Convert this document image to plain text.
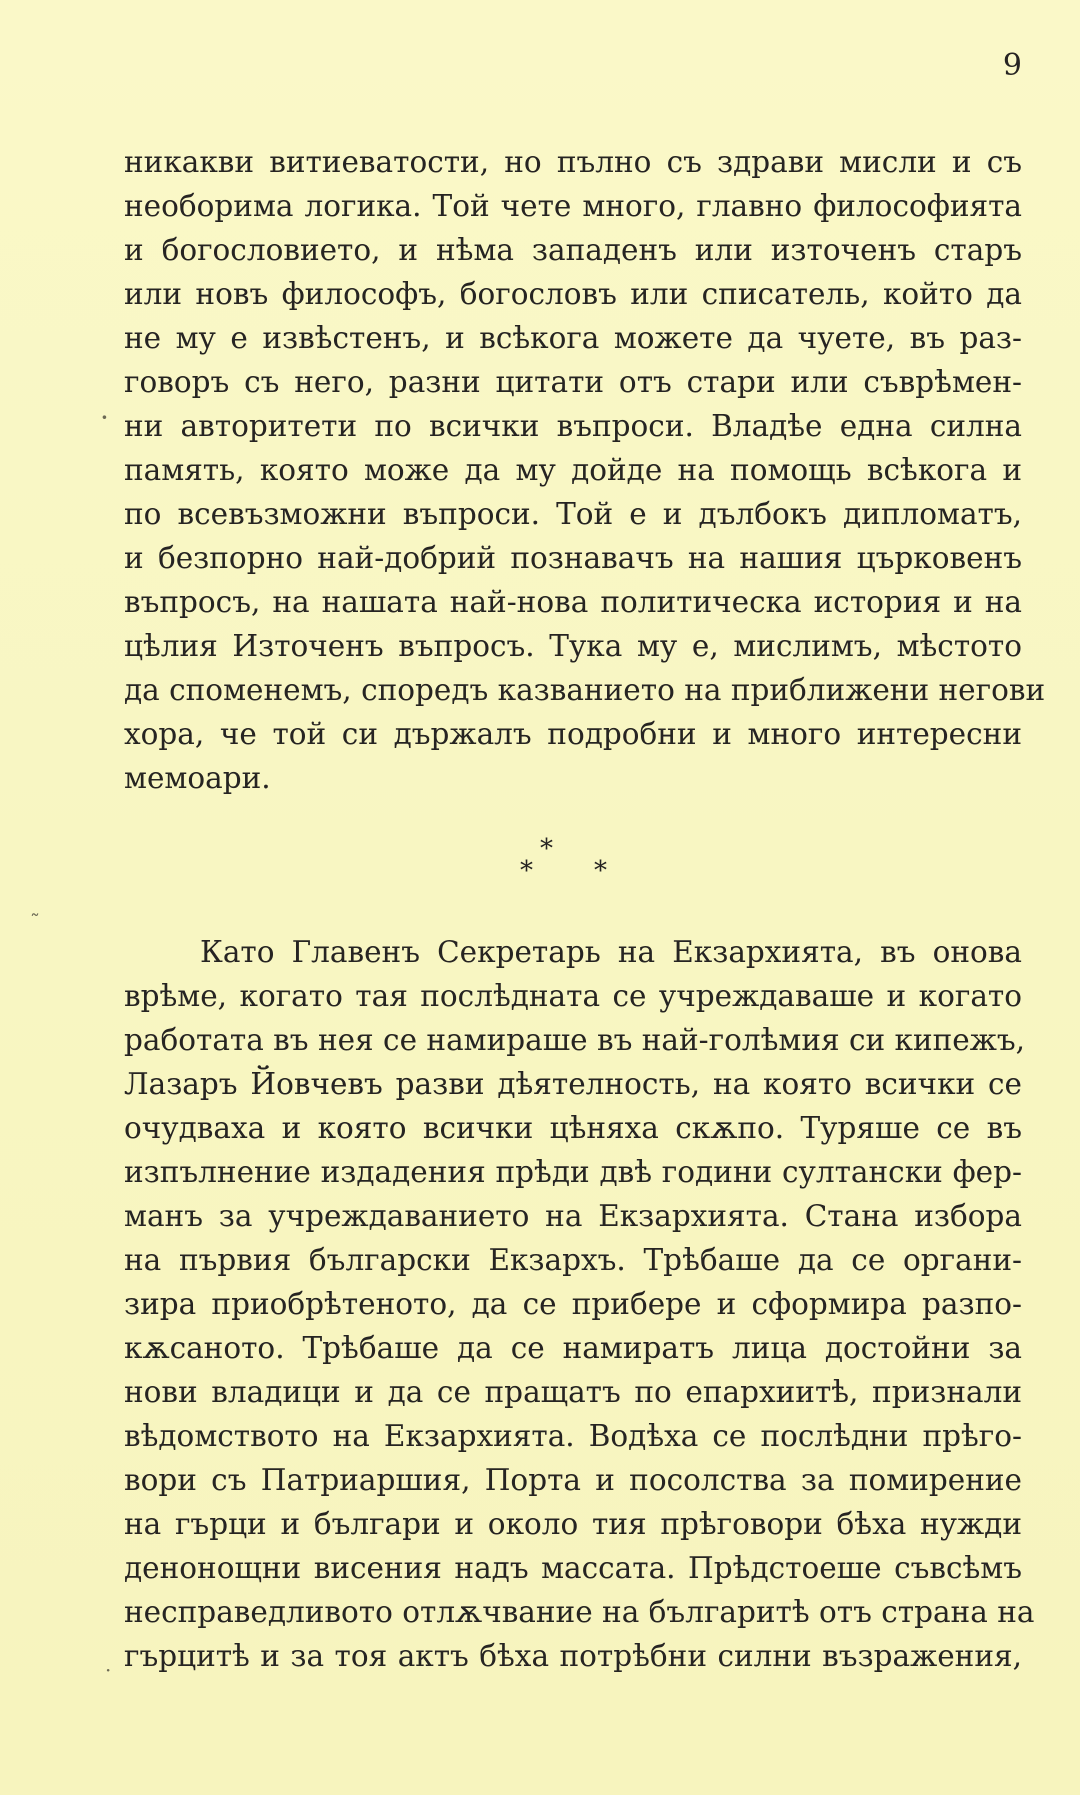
9
никакви витиеватости, но пълно съ здрави мисли и съ
необорима логика. Той чете много, главно философията
и богословието, и нѣма западенъ или източенъ старъ
или новъ философъ, богословъ или списатель, който да
не му е извѣстенъ, и всѣкога можете да чуете, въ раз-
говоръ съ него, разни цитати отъ стари или съврѣмен-
ни авторитети по всички въпроси. Владѣе една силна
память, която може да му дойде на помощь всѣкога и
по всевъзможни въпроси. Той е и дълбокъ дипломатъ,
и безпорно най-добрий познавачъ на нашия църковенъ
въпросъ, на нашата най-нова политическа история и на
цѣлия Източенъ въпросъ. Тука му е, мислимъ, мѣстото
да споменемъ, споредъ казванието на приближени негови
хора, че той си държалъ подробни и много интересни
мемоари.
*
* *
Като Главенъ Секретарь на Екзархията, въ онова
врѣме, когато тая послѣдната се учреждаваше и когато
работата въ нея се намираше въ най-голѣмия си кипежъ,
Лазаръ Йовчевъ разви дѣятелность, на която всички се
очудваха и която всички цѣняха скѫпо. Туряше се въ
изпълнение издадения прѣди двѣ години султански фер-
манъ за учреждаванието на Екзархията. Стана избора
на първия български Екзархъ. Трѣбаше да се органи-
зира приобрѣтеното, да се прибере и сформира разпо-
кѫсаното. Трѣбаше да се намиратъ лица достойни за
нови владици и да се пращатъ по епархиитѣ, признали
вѣдомството на Екзархията. Водѣха се послѣдни прѣго-
вори съ Патриаршия, Порта и посолства за помирение
на гърци и българи и около тия прѣговори бѣха нужди
денонощни висения надъ массата. Прѣдстоеше съвсѣмъ
несправедливото отлѫчвание на българитѣ отъ страна на
гърцитѣ и за тоя актъ бѣха потрѣбни силни възражения,
·
˷
·
